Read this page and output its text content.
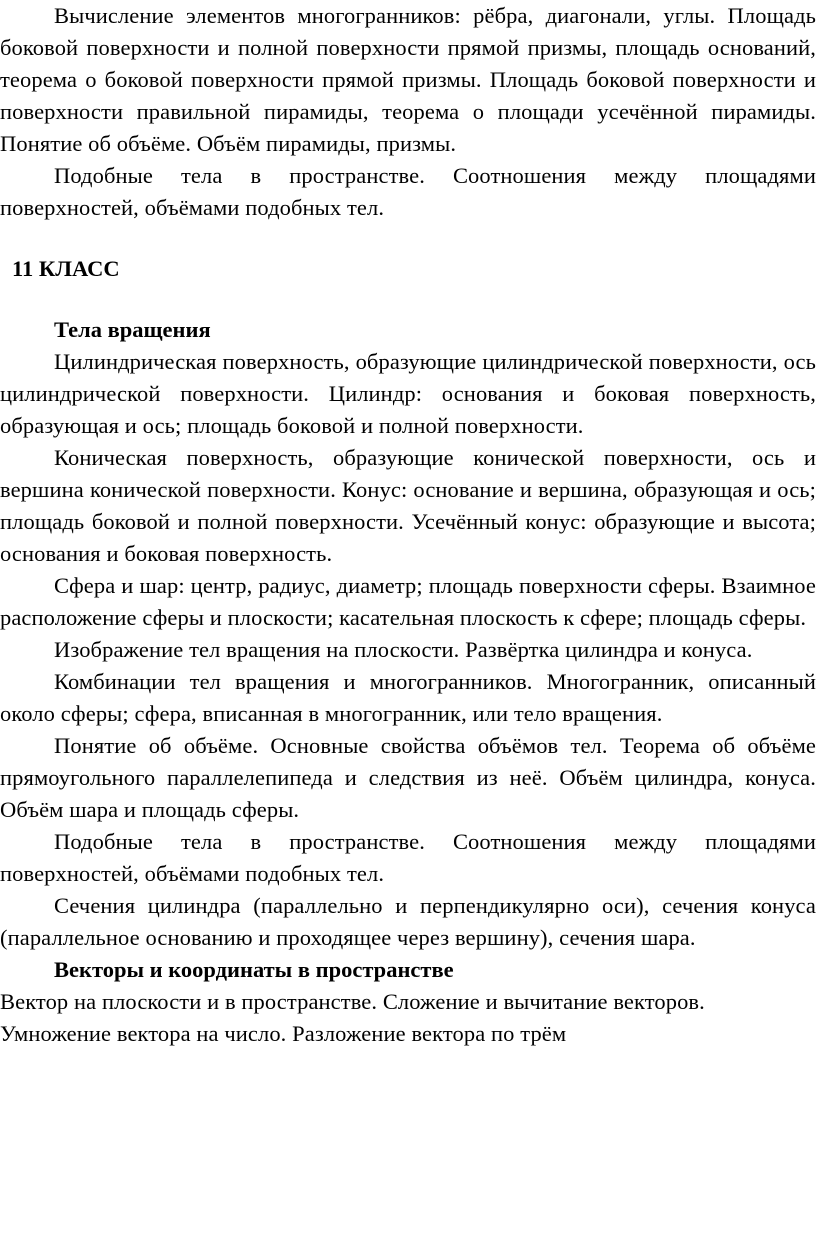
Вычисление элементов многогранников: рёбра, диагонали, углы. Площадь боковой поверхности и полной поверхности прямой призмы, площадь оснований, теорема о боковой поверхности прямой призмы. Площадь боковой поверхности и поверхности правильной пирамиды, теорема о площади усечённой пирамиды. Понятие об объёме. Объём пирамиды, призмы.

Подобные тела в пространстве. Соотношения между площадями поверхностей, объёмами подобных тел.

11 КЛАСС

Тела вращения

Цилиндрическая поверхность, образующие цилиндрической поверхности, ось цилиндрической поверхности. Цилиндр: основания и боковая поверхность, образующая и ось; площадь боковой и полной поверхности.

Коническая поверхность, образующие конической поверхности, ось и вершина конической поверхности. Конус: основание и вершина, образующая и ось; площадь боковой и полной поверхности. Усечённый конус: образующие и высота; основания и боковая поверхность.

Сфера и шар: центр, радиус, диаметр; площадь поверхности сферы. Взаимное расположение сферы и плоскости; касательная плоскость к сфере; площадь сферы.

Изображение тел вращения на плоскости. Развёртка цилиндра и конуса.

Комбинации тел вращения и многогранников. Многогранник, описанный около сферы; сфера, вписанная в многогранник, или тело вращения.

Понятие об объёме. Основные свойства объёмов тел. Теорема об объёме прямоугольного параллелепипеда и следствия из неё. Объём цилиндра, конуса. Объём шара и площадь сферы.

Подобные тела в пространстве. Соотношения между площадями поверхностей, объёмами подобных тел.

Сечения цилиндра (параллельно и перпендикулярно оси), сечения конуса (параллельное основанию и проходящее через вершину), сечения шара.

Векторы и координаты в пространстве

Вектор на плоскости и в пространстве. Сложение и вычитание векторов.

Умножение вектора на число. Разложение вектора по трём
